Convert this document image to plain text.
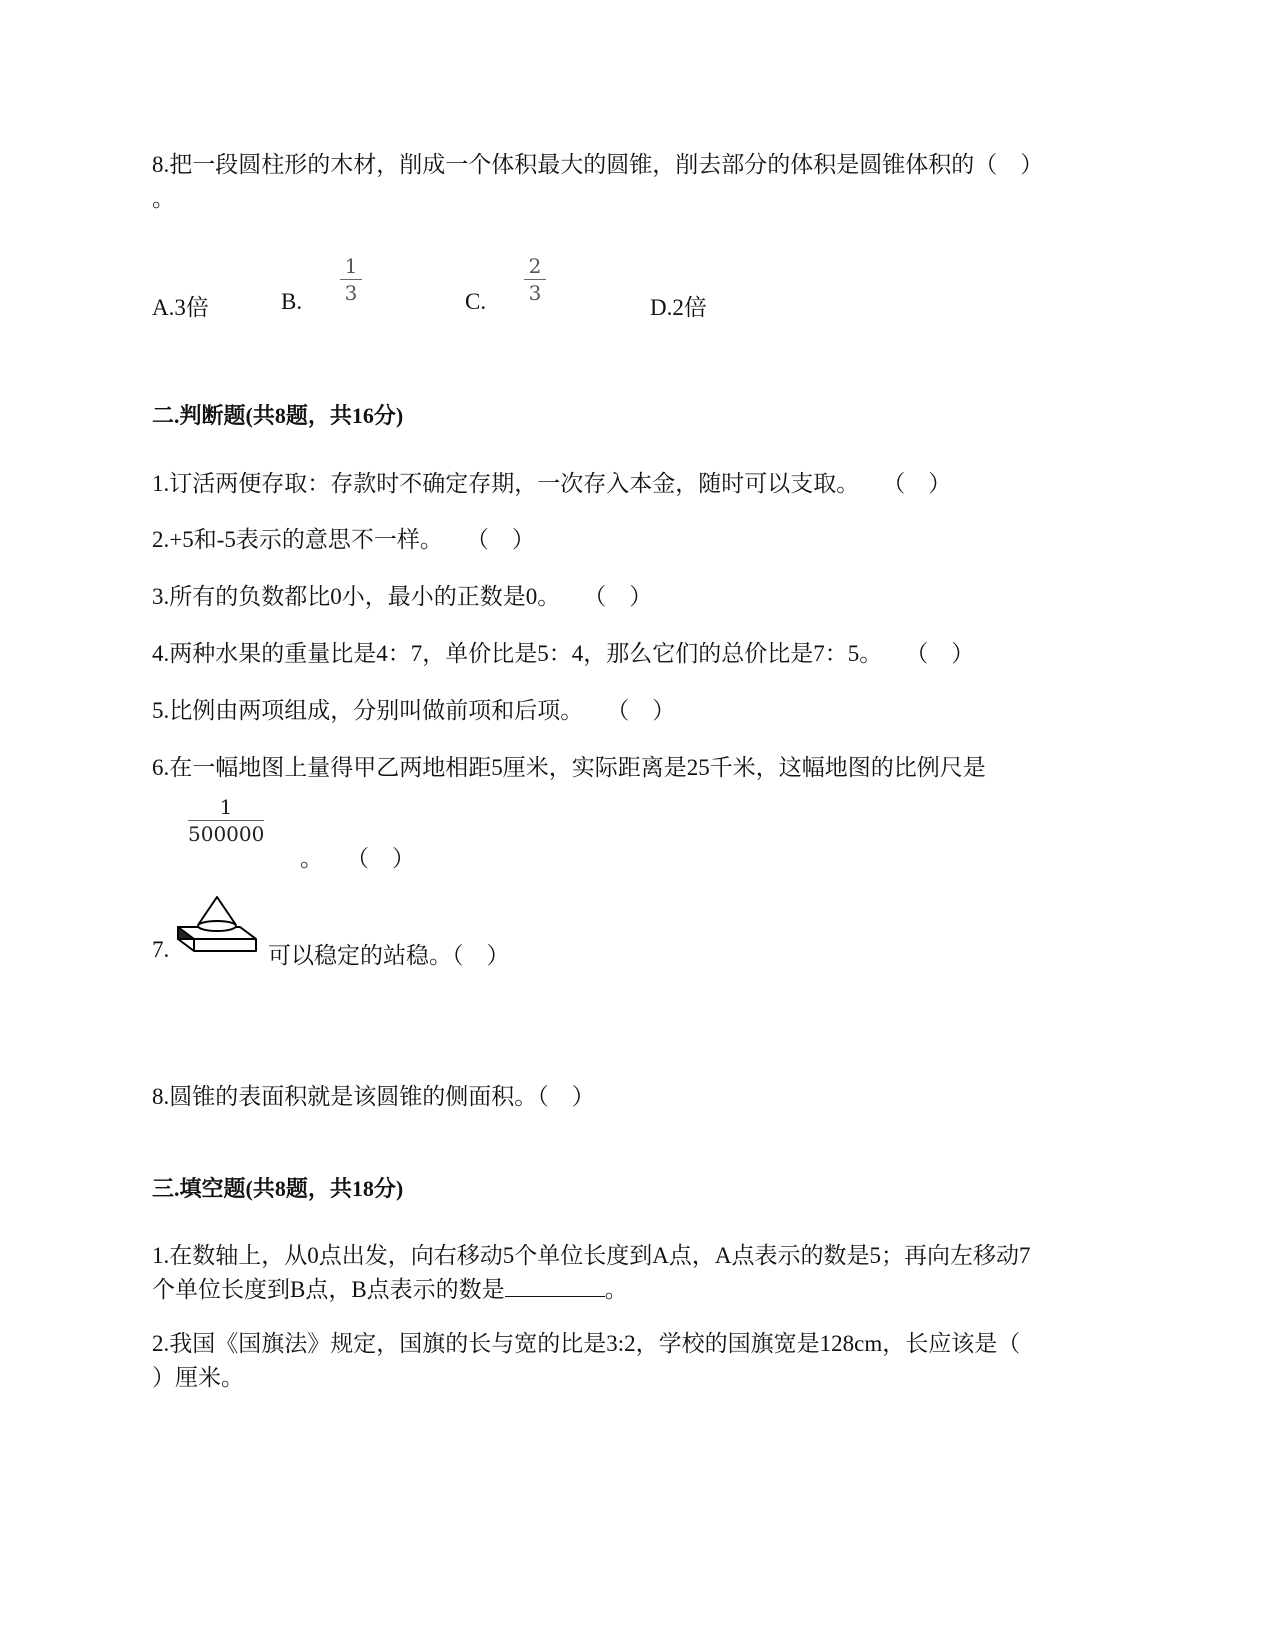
8.把一段圆柱形的木材，削成一个体积最大的圆锥，削去部分的体积是圆锥体积的（　）
。
A.3倍	B.
1
3	C.
2
3
D.2倍
二.判断题(共8题，共16分)
1.订活两便存取：存款时不确定存期，一次存入本金，随时可以支取。　　（　）
2.+5和-5表示的意思不一样。　　（　）
3.所有的负数都比0小，最小的正数是0。　　（　）
4.两种水果的重量比是4：7，单价比是5：4，那么它们的总价比是7：5。　　（　）
5.比例由两项组成，分别叫做前项和后项。　　（　）
6.在一幅地图上量得甲乙两地相距5厘米，实际距离是25千米，这幅地图的比例尺是
1
500000
。　　（　）
7.	可以稳定的站稳。（　）
8.圆锥的表面积就是该圆锥的侧面积。（　）
三.填空题(共8题，共18分)
1.在数轴上，从0点出发，向右移动5个单位长度到A点，A点表示的数是5；再向左移动7
个单位长度到B点，B点表示的数是	。
2.我国《国旗法》规定，国旗的长与宽的比是3:2，学校的国旗宽是128cm，长应该是（
）厘米。
